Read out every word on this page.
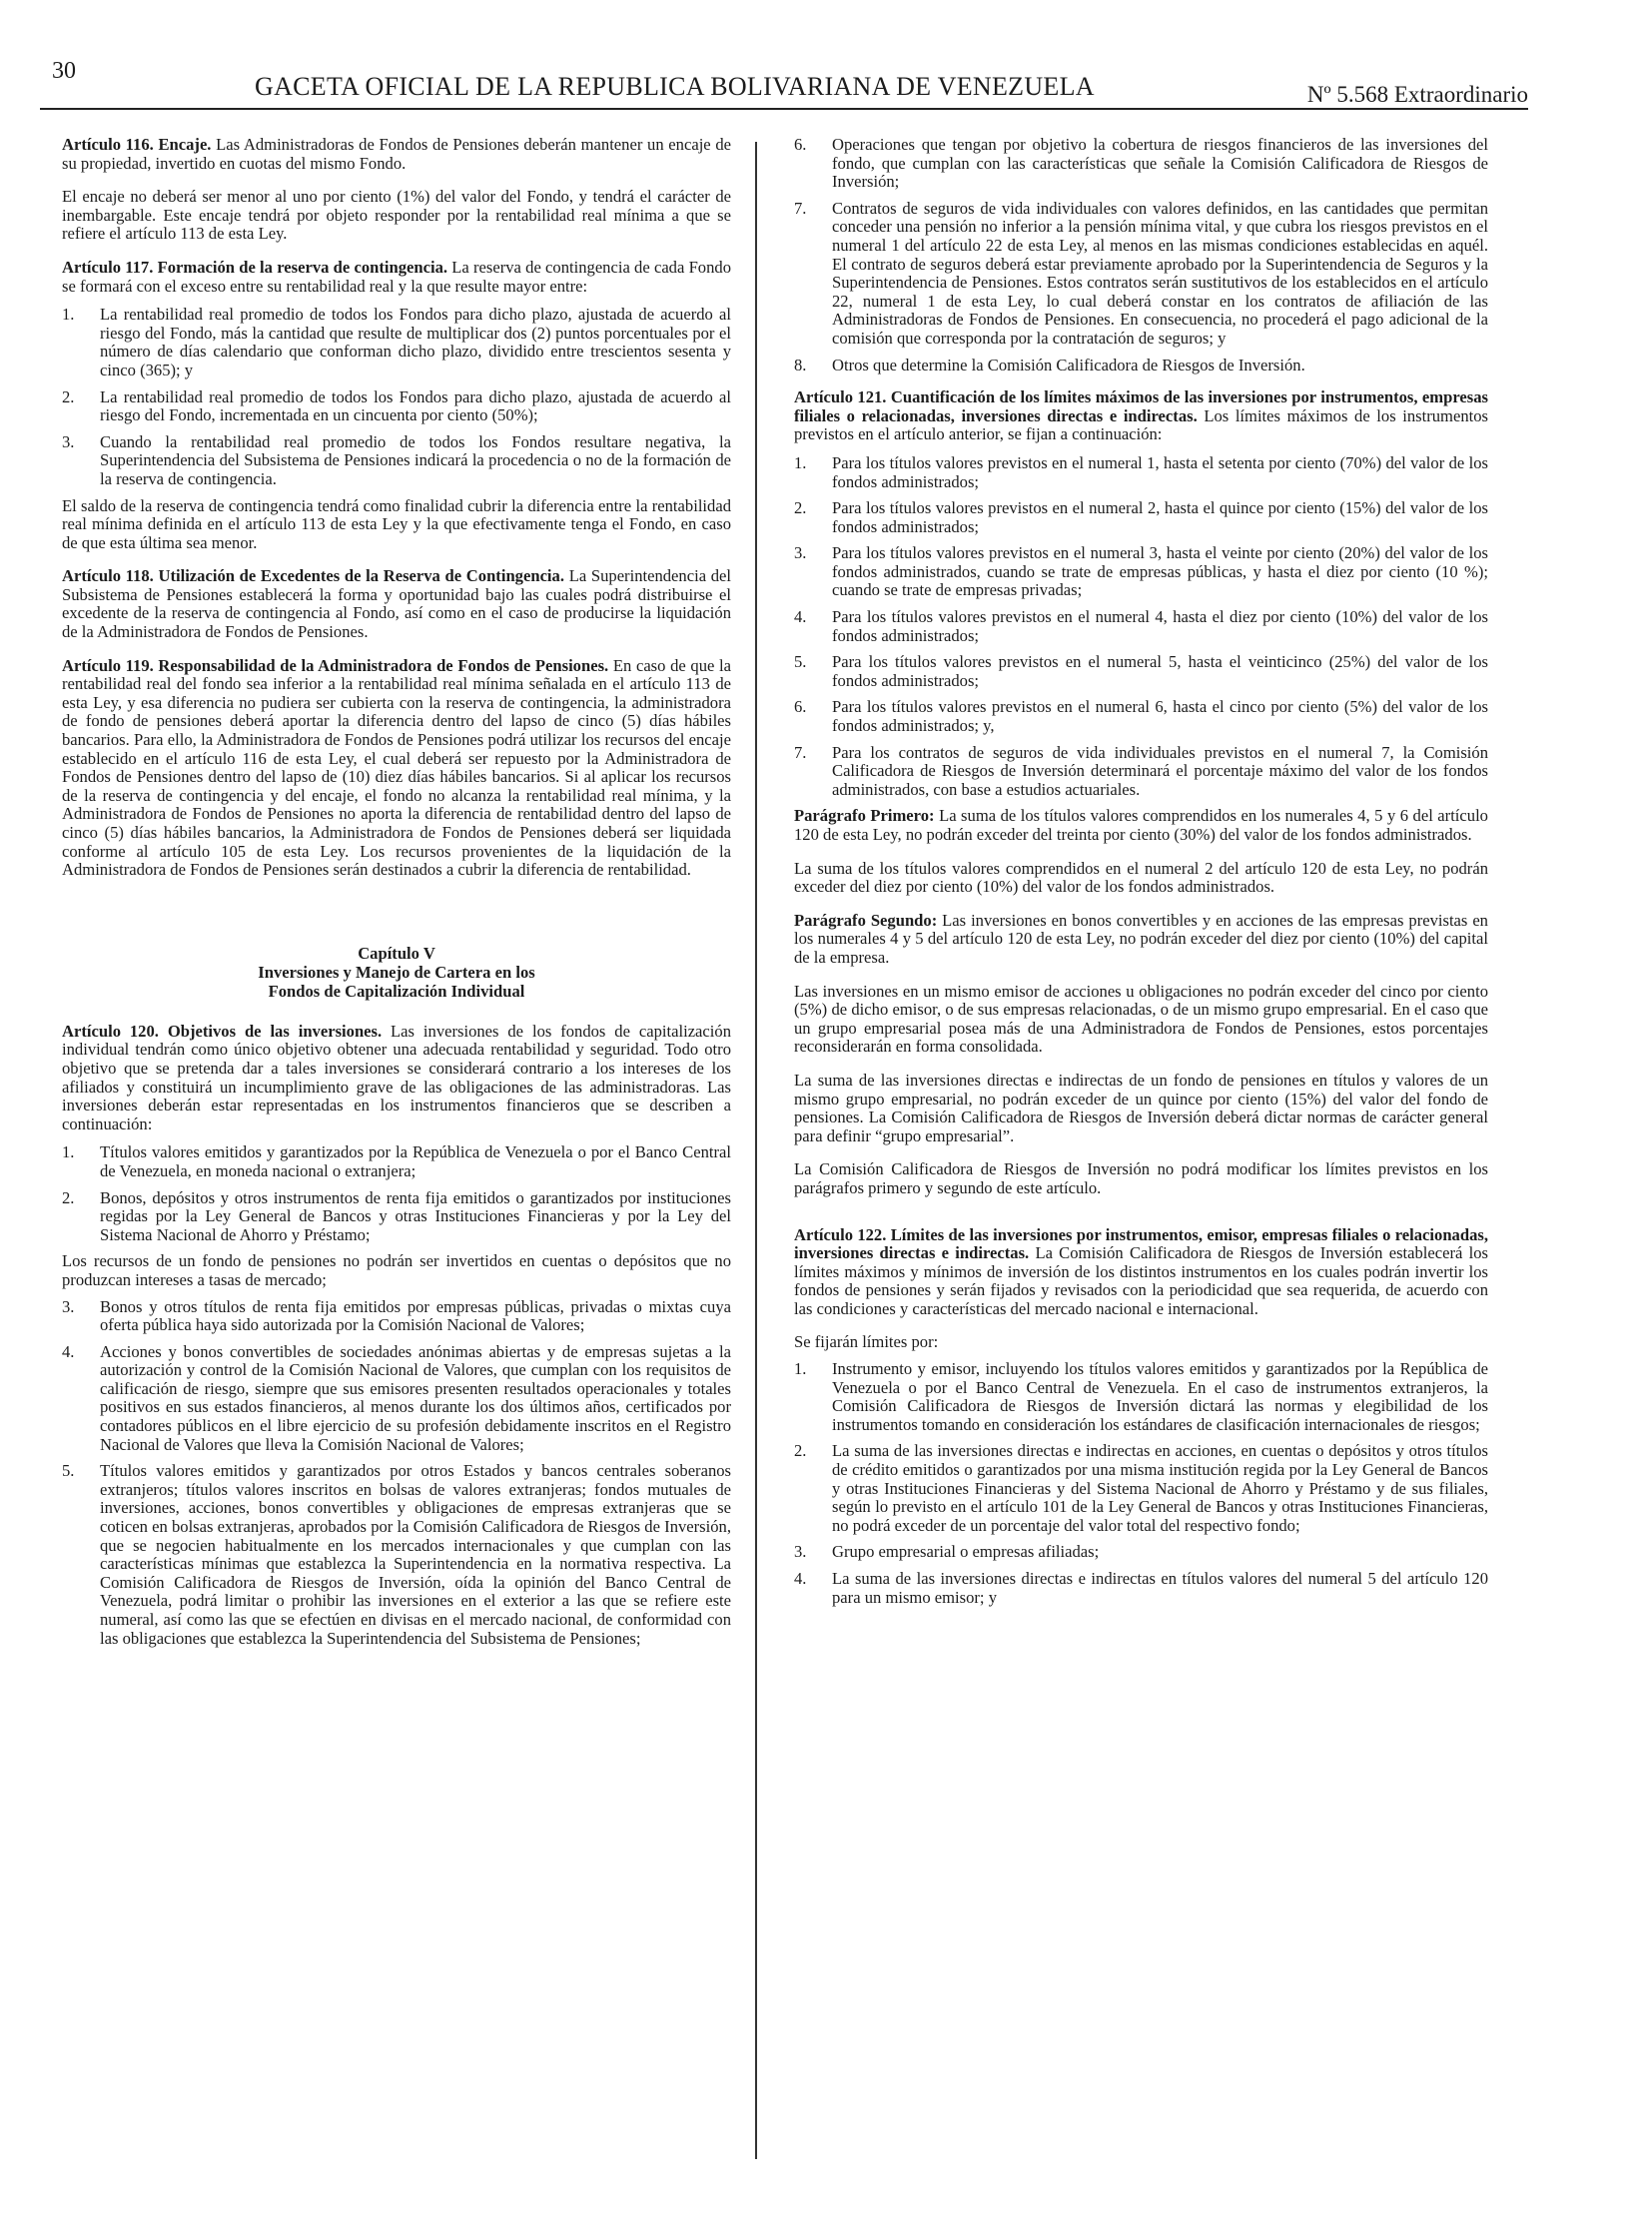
30
GACETA OFICIAL DE LA REPUBLICA BOLIVARIANA DE VENEZUELA	Nº 5.568 Extraordinario

Artículo 116. Encaje. Las Administradoras de Fondos de Pensiones deberán mantener un encaje de su propiedad, invertido en cuotas del mismo Fondo.

El encaje no deberá ser menor al uno por ciento (1%) del valor del Fondo, y tendrá el carácter de inembargable. Este encaje tendrá por objeto responder por la rentabilidad real mínima a que se refiere el artículo 113 de esta Ley.

Artículo 117. Formación de la reserva de contingencia. La reserva de contingencia de cada Fondo se formará con el exceso entre su rentabilidad real y la que resulte mayor entre:

1.	La rentabilidad real promedio de todos los Fondos para dicho plazo, ajustada de acuerdo al riesgo del Fondo, más la cantidad que resulte de multiplicar dos (2) puntos porcentuales por el número de días calendario que conforman dicho plazo, dividido entre trescientos sesenta y cinco (365); y
2.	La rentabilidad real promedio de todos los Fondos para dicho plazo, ajustada de acuerdo al riesgo del Fondo, incrementada en un cincuenta por ciento (50%);
3.	Cuando la rentabilidad real promedio de todos los Fondos resultare negativa, la Superintendencia del Subsistema de Pensiones indicará la procedencia o no de la formación de la reserva de contingencia.

El saldo de la reserva de contingencia tendrá como finalidad cubrir la diferencia entre la rentabilidad real mínima definida en el artículo 113 de esta Ley y la que efectivamente tenga el Fondo, en caso de que esta última sea menor.

Artículo 118. Utilización de Excedentes de la Reserva de Contingencia. La Superintendencia del Subsistema de Pensiones establecerá la forma y oportunidad bajo las cuales podrá distribuirse el excedente de la reserva de contingencia al Fondo, así como en el caso de producirse la liquidación de la Administradora de Fondos de Pensiones.

Artículo 119. Responsabilidad de la Administradora de Fondos de Pensiones. En caso de que la rentabilidad real del fondo sea inferior a la rentabilidad real mínima señalada en el artículo 113 de esta Ley, y esa diferencia no pudiera ser cubierta con la reserva de contingencia, la administradora de fondo de pensiones deberá aportar la diferencia dentro del lapso de cinco (5) días hábiles bancarios. Para ello, la Administradora de Fondos de Pensiones podrá utilizar los recursos del encaje establecido en el artículo 116 de esta Ley, el cual deberá ser repuesto por la Administradora de Fondos de Pensiones dentro del lapso de (10) diez días hábiles bancarios. Si al aplicar los recursos de la reserva de contingencia y del encaje, el fondo no alcanza la rentabilidad real mínima, y la Administradora de Fondos de Pensiones no aporta la diferencia de rentabilidad dentro del lapso de cinco (5) días hábiles bancarios, la Administradora de Fondos de Pensiones deberá ser liquidada conforme al artículo 105 de esta Ley. Los recursos provenientes de la liquidación de la Administradora de Fondos de Pensiones serán destinados a cubrir la diferencia de rentabilidad.

Capítulo V
Inversiones y Manejo de Cartera en los
Fondos de Capitalización Individual

Artículo 120. Objetivos de las inversiones. Las inversiones de los fondos de capitalización individual tendrán como único objetivo obtener una adecuada rentabilidad y seguridad. Todo otro objetivo que se pretenda dar a tales inversiones se considerará contrario a los intereses de los afiliados y constituirá un incumplimiento grave de las obligaciones de las administradoras. Las inversiones deberán estar representadas en los instrumentos financieros que se describen a continuación:

1.	Títulos valores emitidos y garantizados por la República de Venezuela o por el Banco Central de Venezuela, en moneda nacional o extranjera;
2.	Bonos, depósitos y otros instrumentos de renta fija emitidos o garantizados por instituciones regidas por la Ley General de Bancos y otras Instituciones Financieras y por la Ley del Sistema Nacional de Ahorro y Préstamo;

Los recursos de un fondo de pensiones no podrán ser invertidos en cuentas o depósitos que no produzcan intereses a tasas de mercado;

3.	Bonos y otros títulos de renta fija emitidos por empresas públicas, privadas o mixtas cuya oferta pública haya sido autorizada por la Comisión Nacional de Valores;
4.	Acciones y bonos convertibles de sociedades anónimas abiertas y de empresas sujetas a la autorización y control de la Comisión Nacional de Valores, que cumplan con los requisitos de calificación de riesgo, siempre que sus emisores presenten resultados operacionales y totales positivos en sus estados financieros, al menos durante los dos últimos años, certificados por contadores públicos en el libre ejercicio de su profesión debidamente inscritos en el Registro Nacional de Valores que lleva la Comisión Nacional de Valores;
5.	Títulos valores emitidos y garantizados por otros Estados y bancos centrales soberanos extranjeros; títulos valores inscritos en bolsas de valores extranjeras; fondos mutuales de inversiones, acciones, bonos convertibles y obligaciones de empresas extranjeras que se coticen en bolsas extranjeras, aprobados por la Comisión Calificadora de Riesgos de Inversión, que se negocien habitualmente en los mercados internacionales y que cumplan con las características mínimas que establezca la Superintendencia en la normativa respectiva. La Comisión Calificadora de Riesgos de Inversión, oída la opinión del Banco Central de Venezuela, podrá limitar o prohibir las inversiones en el exterior a las que se refiere este numeral, así como las que se efectúen en divisas en el mercado nacional, de conformidad con las obligaciones que establezca la Superintendencia del Subsistema de Pensiones;
6.	Operaciones que tengan por objetivo la cobertura de riesgos financieros de las inversiones del fondo, que cumplan con las características que señale la Comisión Calificadora de Riesgos de Inversión;
7.	Contratos de seguros de vida individuales con valores definidos, en las cantidades que permitan conceder una pensión no inferior a la pensión mínima vital, y que cubra los riesgos previstos en el numeral 1 del artículo 22 de esta Ley, al menos en las mismas condiciones establecidas en aquél. El contrato de seguros deberá estar previamente aprobado por la Superintendencia de Seguros y la Superintendencia de Pensiones. Estos contratos serán sustitutivos de los establecidos en el artículo 22, numeral 1 de esta Ley, lo cual deberá constar en los contratos de afiliación de las Administradoras de Fondos de Pensiones. En consecuencia, no procederá el pago adicional de la comisión que corresponda por la contratación de seguros; y
8.	Otros que determine la Comisión Calificadora de Riesgos de Inversión.

Artículo 121. Cuantificación de los límites máximos de las inversiones por instrumentos, empresas filiales o relacionadas, inversiones directas e indirectas. Los límites máximos de los instrumentos previstos en el artículo anterior, se fijan a continuación:

1.	Para los títulos valores previstos en el numeral 1, hasta el setenta por ciento (70%) del valor de los fondos administrados;
2.	Para los títulos valores previstos en el numeral 2, hasta el quince por ciento (15%) del valor de los fondos administrados;
3.	Para los títulos valores previstos en el numeral 3, hasta el veinte por ciento (20%) del valor de los fondos administrados, cuando se trate de empresas públicas, y hasta el diez por ciento (10 %); cuando se trate de empresas privadas;
4.	Para los títulos valores previstos en el numeral 4, hasta el diez por ciento (10%) del valor de los fondos administrados;
5.	Para los títulos valores previstos en el numeral 5, hasta el veinticinco (25%) del valor de los fondos administrados;
6.	Para los títulos valores previstos en el numeral 6, hasta el cinco por ciento (5%) del valor de los fondos administrados; y,
7.	Para los contratos de seguros de vida individuales previstos en el numeral 7, la Comisión Calificadora de Riesgos de Inversión determinará el porcentaje máximo del valor de los fondos administrados, con base a estudios actuariales.

Parágrafo Primero: La suma de los títulos valores comprendidos en los numerales 4, 5 y 6 del artículo 120 de esta Ley, no podrán exceder del treinta por ciento (30%) del valor de los fondos administrados.

La suma de los títulos valores comprendidos en el numeral 2 del artículo 120 de esta Ley, no podrán exceder del diez por ciento (10%) del valor de los fondos administrados.

Parágrafo Segundo: Las inversiones en bonos convertibles y en acciones de las empresas previstas en los numerales 4 y 5 del artículo 120 de esta Ley, no podrán exceder del diez por ciento (10%) del capital de la empresa.

Las inversiones en un mismo emisor de acciones u obligaciones no podrán exceder del cinco por ciento (5%) de dicho emisor, o de sus empresas relacionadas, o de un mismo grupo empresarial. En el caso que un grupo empresarial posea más de una Administradora de Fondos de Pensiones, estos porcentajes reconsiderarán en forma consolidada.

La suma de las inversiones directas e indirectas de un fondo de pensiones en títulos y valores de un mismo grupo empresarial, no podrán exceder de un quince por ciento (15%) del valor del fondo de pensiones. La Comisión Calificadora de Riesgos de Inversión deberá dictar normas de carácter general para definir “grupo empresarial”.

La Comisión Calificadora de Riesgos de Inversión no podrá modificar los límites previstos en los parágrafos primero y segundo de este artículo.

Artículo 122. Límites de las inversiones por instrumentos, emisor, empresas filiales o relacionadas, inversiones directas e indirectas. La Comisión Calificadora de Riesgos de Inversión establecerá los límites máximos y mínimos de inversión de los distintos instrumentos en los cuales podrán invertir los fondos de pensiones y serán fijados y revisados con la periodicidad que sea requerida, de acuerdo con las condiciones y características del mercado nacional e internacional.

Se fijarán límites por:

1.	Instrumento y emisor, incluyendo los títulos valores emitidos y garantizados por la República de Venezuela o por el Banco Central de Venezuela. En el caso de instrumentos extranjeros, la Comisión Calificadora de Riesgos de Inversión dictará las normas y elegibilidad de los instrumentos tomando en consideración los estándares de clasificación internacionales de riesgos;
2.	La suma de las inversiones directas e indirectas en acciones, en cuentas o depósitos y otros títulos de crédito emitidos o garantizados por una misma institución regida por la Ley General de Bancos y otras Instituciones Financieras y del Sistema Nacional de Ahorro y Préstamo y de sus filiales, según lo previsto en el artículo 101 de la Ley General de Bancos y otras Instituciones Financieras, no podrá exceder de un porcentaje del valor total del respectivo fondo;
3.	Grupo empresarial o empresas afiliadas;
4.	La suma de las inversiones directas e indirectas en títulos valores del numeral 5 del artículo 120 para un mismo emisor; y
